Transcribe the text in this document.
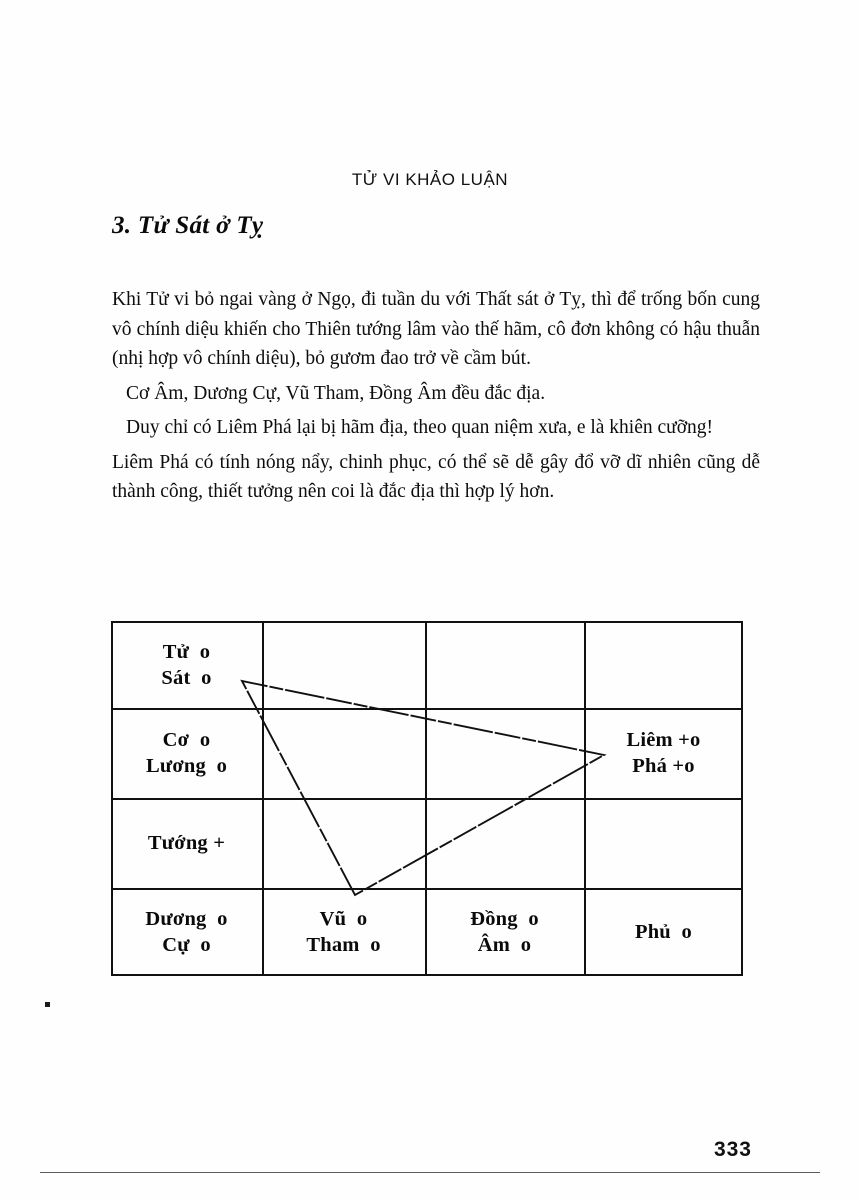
TỬ VI KHẢO LUẬN
3. Tử Sát ở Tỵ

Khi Tử vi bỏ ngai vàng ở Ngọ, đi tuần du với Thất sát ở Tỵ, thì để trống bốn cung vô chính diệu khiến cho Thiên tướng lâm vào thế hãm, cô đơn không có hậu thuẫn (nhị hợp vô chính diệu), bỏ gươm đao trở về cầm bút.

Cơ Âm, Dương Cự, Vũ Tham, Đồng Âm đều đắc địa.

Duy chỉ có Liêm Phá lại bị hãm địa, theo quan niệm xưa, e là khiên cưỡng!

Liêm Phá có tính nóng nẩy, chinh phục, có thể sẽ dễ gây đổ vỡ dĩ nhiên cũng dễ thành công, thiết tưởng nên coi là đắc địa thì hợp lý hơn.

Tử  o
Sát  o
Cơ  o
Lương  o
Liêm +o
Phá +o
Tướng +
Dương  o
Cự  o
Vũ  o
Tham  o
Đồng  o
Âm  o
Phủ  o
333
